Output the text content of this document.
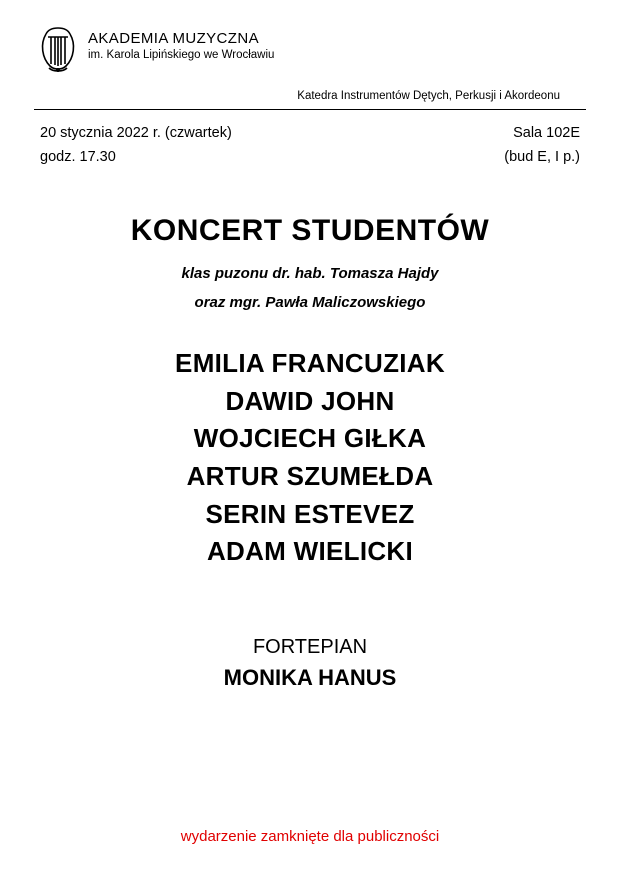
AKADEMIA MUZYCZNA
im. Karola Lipińskiego we Wrocławiu
Katedra Instrumentów Dętych, Perkusji i Akordeonu
20 stycznia 2022 r. (czwartek)	Sala 102E
godz. 17.30	(bud E, I p.)
KONCERT STUDENTÓW
klas puzonu dr. hab. Tomasza Hajdy
oraz mgr. Pawła Maliczowskiego
EMILIA FRANCUZIAK
DAWID JOHN
WOJCIECH GIŁKA
ARTUR SZUMEŁDA
SERIN ESTEVEZ
ADAM WIELICKI
FORTEPIAN
MONIKA HANUS
wydarzenie zamknięte dla publiczności
